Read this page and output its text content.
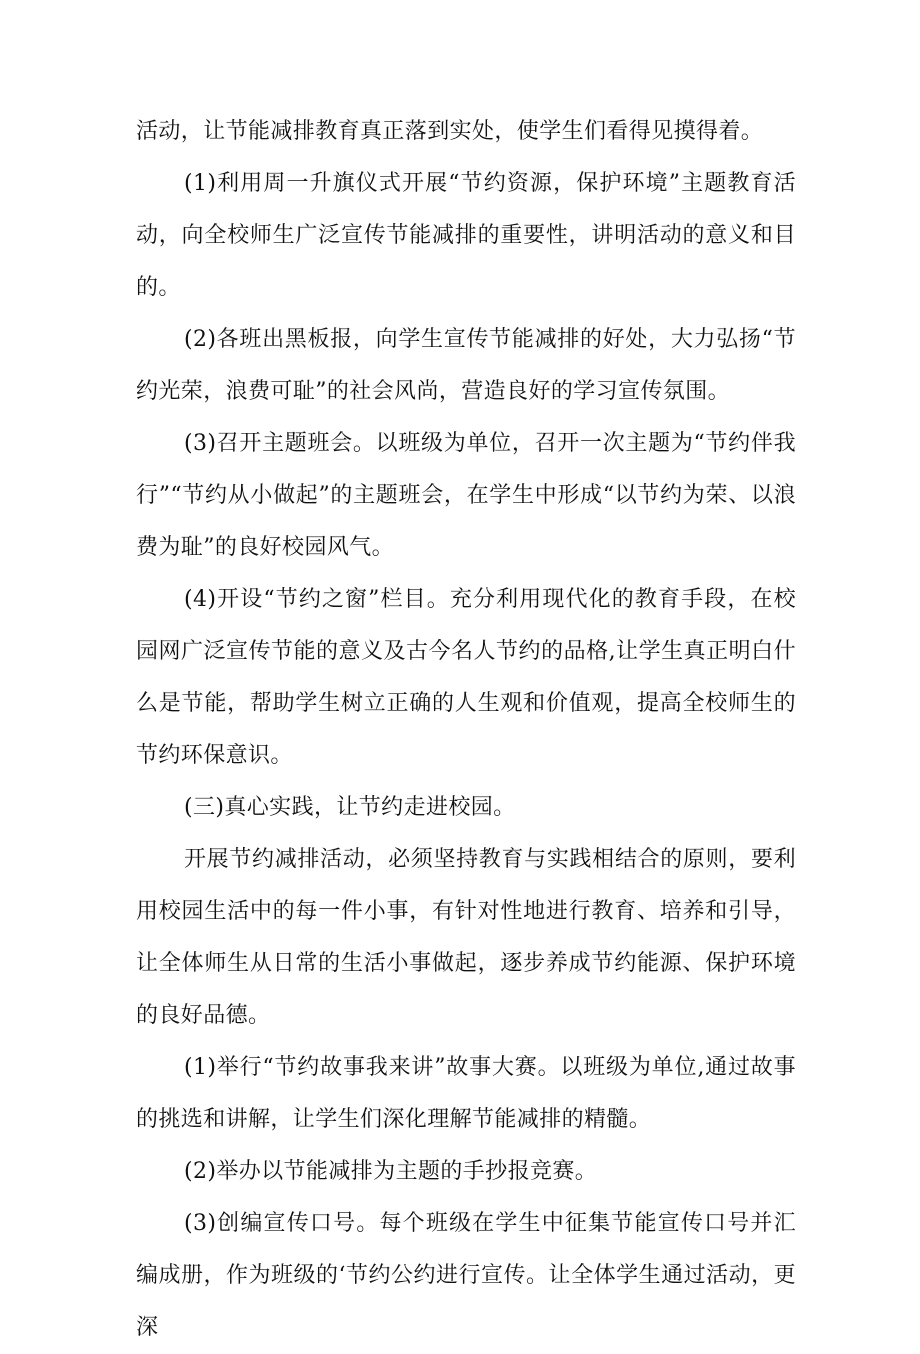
活动，让节能减排教育真正落到实处，使学生们看得见摸得着。

(1)利用周一升旗仪式开展“节约资源，保护环境”主题教育活动，向全校师生广泛宣传节能减排的重要性，讲明活动的意义和目的。

(2)各班出黑板报，向学生宣传节能减排的好处，大力弘扬“节约光荣，浪费可耻”的社会风尚，营造良好的学习宣传氛围。

(3)召开主题班会。以班级为单位，召开一次主题为“节约伴我行”“节约从小做起”的主题班会，在学生中形成“以节约为荣、以浪费为耻”的良好校园风气。

(4)开设“节约之窗”栏目。充分利用现代化的教育手段，在校园网广泛宣传节能的意义及古今名人节约的品格,让学生真正明白什么是节能，帮助学生树立正确的人生观和价值观，提高全校师生的节约环保意识。

(三)真心实践，让节约走进校园。

开展节约减排活动，必须坚持教育与实践相结合的原则，要利用校园生活中的每一件小事，有针对性地进行教育、培养和引导，让全体师生从日常的生活小事做起，逐步养成节约能源、保护环境的良好品德。

(1)举行“节约故事我来讲”故事大赛。以班级为单位,通过故事的挑选和讲解，让学生们深化理解节能减排的精髓。

(2)举办以节能减排为主题的手抄报竞赛。

(3)创编宣传口号。每个班级在学生中征集节能宣传口号并汇编成册，作为班级的‘节约公约进行宣传。让全体学生通过活动，更深
